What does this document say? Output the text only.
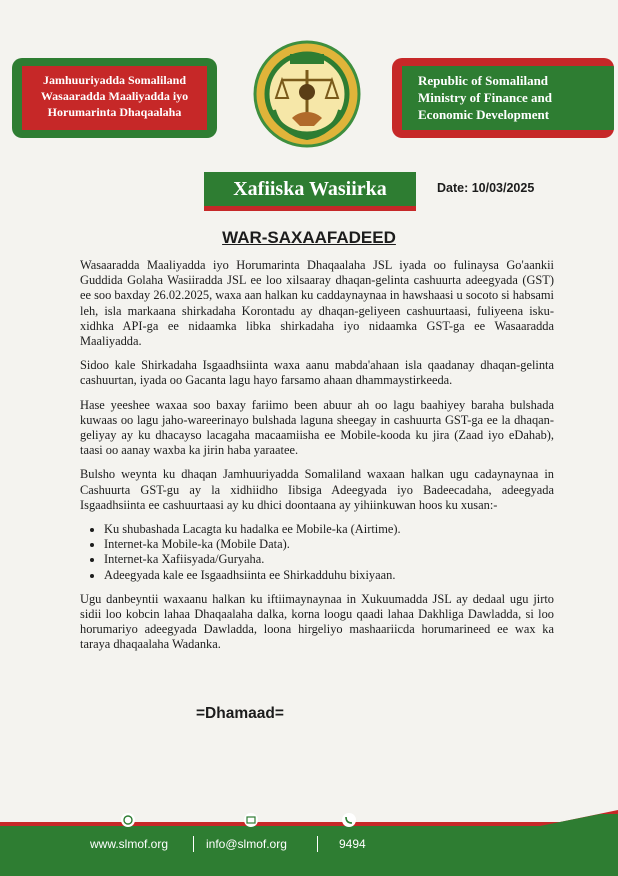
Jamhuuriyadda Somaliland
Wasaaradda Maaliyadda iyo
Horumarinta Dhaqaalaha
Republic of Somaliland
Ministry of Finance and
Economic Development
Xafiiska Wasiirka	Date: 10/03/2025
WAR-SAXAAFADEED

Wasaaradda Maaliyadda iyo Horumarinta Dhaqaalaha JSL iyada oo fulinaysa Go'aankii Guddida Golaha Wasiiradda JSL ee loo xilsaaray dhaqan-gelinta cashuurta adeegyada (GST) ee soo baxday 26.02.2025, waxa aan halkan ku caddaynaynaa in hawshaasi u socoto si habsami leh, isla markaana shirkadaha Korontadu ay dhaqan-geliyeen cashuurtaasi, fuliyeena isku-xidhka API-ga ee nidaamka libka shirkadaha iyo nidaamka GST-ga ee Wasaaradda Maaliyadda.

Sidoo kale Shirkadaha Isgaadhsiinta waxa aanu mabda'ahaan isla qaadanay dhaqan-gelinta cashuurtan, iyada oo Gacanta lagu hayo farsamo ahaan dhammaystirkeeda.

Hase yeeshee waxaa soo baxay fariimo been abuur ah oo lagu baahiyey baraha bulshada kuwaas oo lagu jaho-wareerinayo bulshada laguna sheegay in cashuurta GST-ga ee la dhaqan-geliyay ay ku dhacayso lacagaha macaamiisha ee Mobile-kooda ku jira (Zaad iyo eDahab), taasi oo aanay waxba ka jirin haba yaraatee.

Bulsho weynta ku dhaqan Jamhuuriyadda Somaliland waxaan halkan ugu cadaynaynaa in Cashuurta GST-gu ay la xidhiidho Iibsiga Adeegyada iyo Badeecadaha, adeegyada Isgaadhsiinta ee cashuurtaasi ay ku dhici doontaana ay yihiinkuwan hoos ku xusan:-

• Ku shubashada Lacagta ku hadalka ee Mobile-ka (Airtime).
• Internet-ka Mobile-ka (Mobile Data).
• Internet-ka Xafiisyada/Guryaha.
• Adeegyada kale ee Isgaadhsiinta ee Shirkadduhu bixiyaan.

Ugu danbeyntii waxaanu halkan ku iftiimaynaynaa in Xukuumadda JSL ay dedaal ugu jirto sidii loo kobcin lahaa Dhaqaalaha dalka, korna loogu qaadi lahaa Dakhliga Dawladda, si loo horumariyo adeegyada Dawladda, loona hirgeliyo mashaariicda horumarineed ee wax ka taraya dhaqaalaha Wadanka.

=Dhamaad=
www.slmof.org	info@slmof.org	9494
